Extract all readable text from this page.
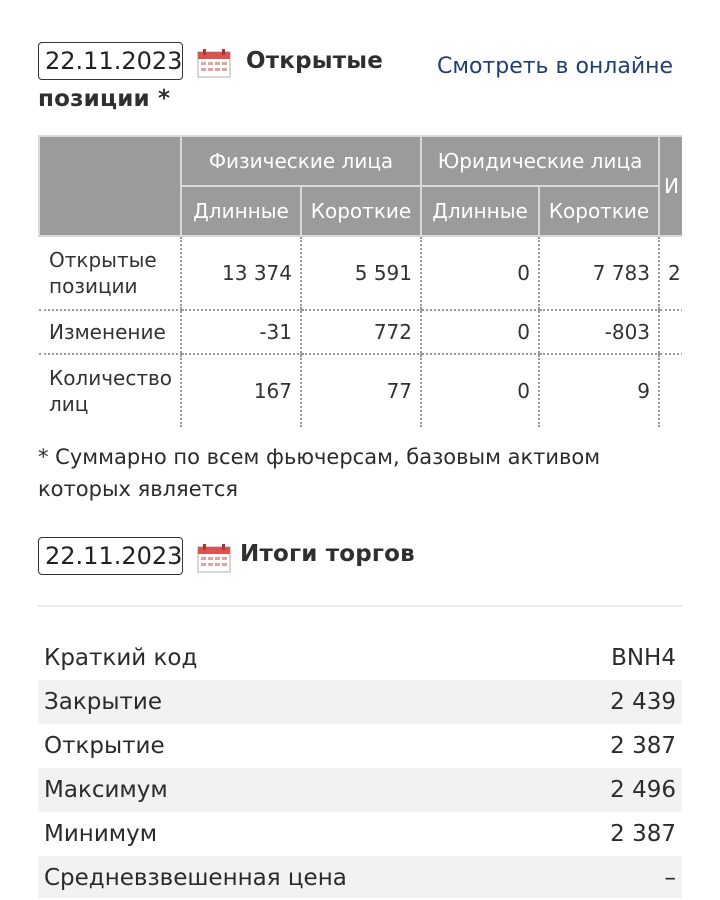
22.11.2023	Открытые
позиции *
Смотреть в онлайне
	Физические лица		Юридические лица		И
	Длинные	Короткие	Длинные	Короткие	
Открытые позиции	13 374	5 591	0	7 783	2
Изменение	-31	772	0	-803	
Количество лиц	167	77	0	9	
* Суммарно по всем фьючерсам, базовым активом которых является
22.11.2023	Итоги торгов
Краткий код	BNH4
Закрытие	2 439
Открытие	2 387
Максимум	2 496
Минимум	2 387
Средневзвешенная цена	–
